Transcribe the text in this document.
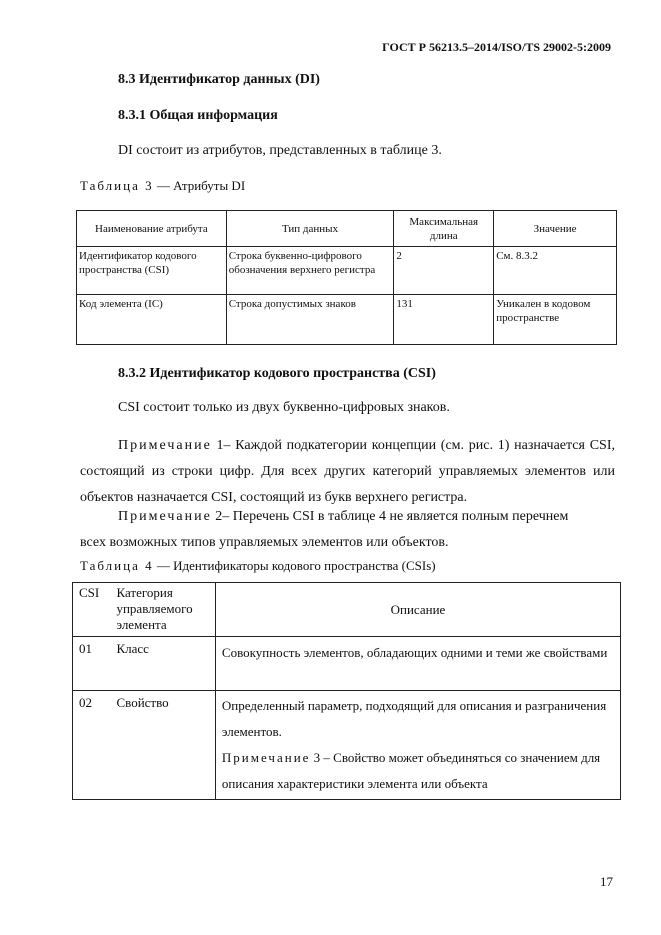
ГОСТ Р 56213.5–2014/ISO/TS 29002-5:2009
8.3 Идентификатор данных (DI)
8.3.1 Общая информация
DI состоит из атрибутов, представленных в таблице 3.
Таблица 3 — Атрибуты DI
Наименование атрибута	Тип данных	Максимальная длина	Значение
Идентификатор кодового пространства (CSI)	Строка буквенно-цифрового обозначения верхнего регистра	2	См. 8.3.2
Код элемента (IC)	Строка допустимых знаков	131	Уникален в кодовом пространстве
8.3.2 Идентификатор кодового пространства (CSI)
CSI состоит только из двух буквенно-цифровых знаков.
Примечание 1– Каждой подкатегории концепции (см. рис. 1) назначается CSI, состоящий из строки цифр. Для всех других категорий управляемых элементов или объектов назначается CSI, состоящий из букв верхнего регистра.
Примечание 2– Перечень CSI в таблице 4 не является полным перечнем
всех возможных типов управляемых элементов или объектов.
Таблица 4 — Идентификаторы кодового пространства (CSIs)
CSI	Категория управляемого элемента	Описание
01	Класс	Совокупность элементов, обладающих одними и теми же свойствами
02	Свойство	Определенный параметр, подходящий для описания и разграничения элементов.
Примечание 3 – Свойство может объединяться со значением для описания характеристики элемента или объекта
17
